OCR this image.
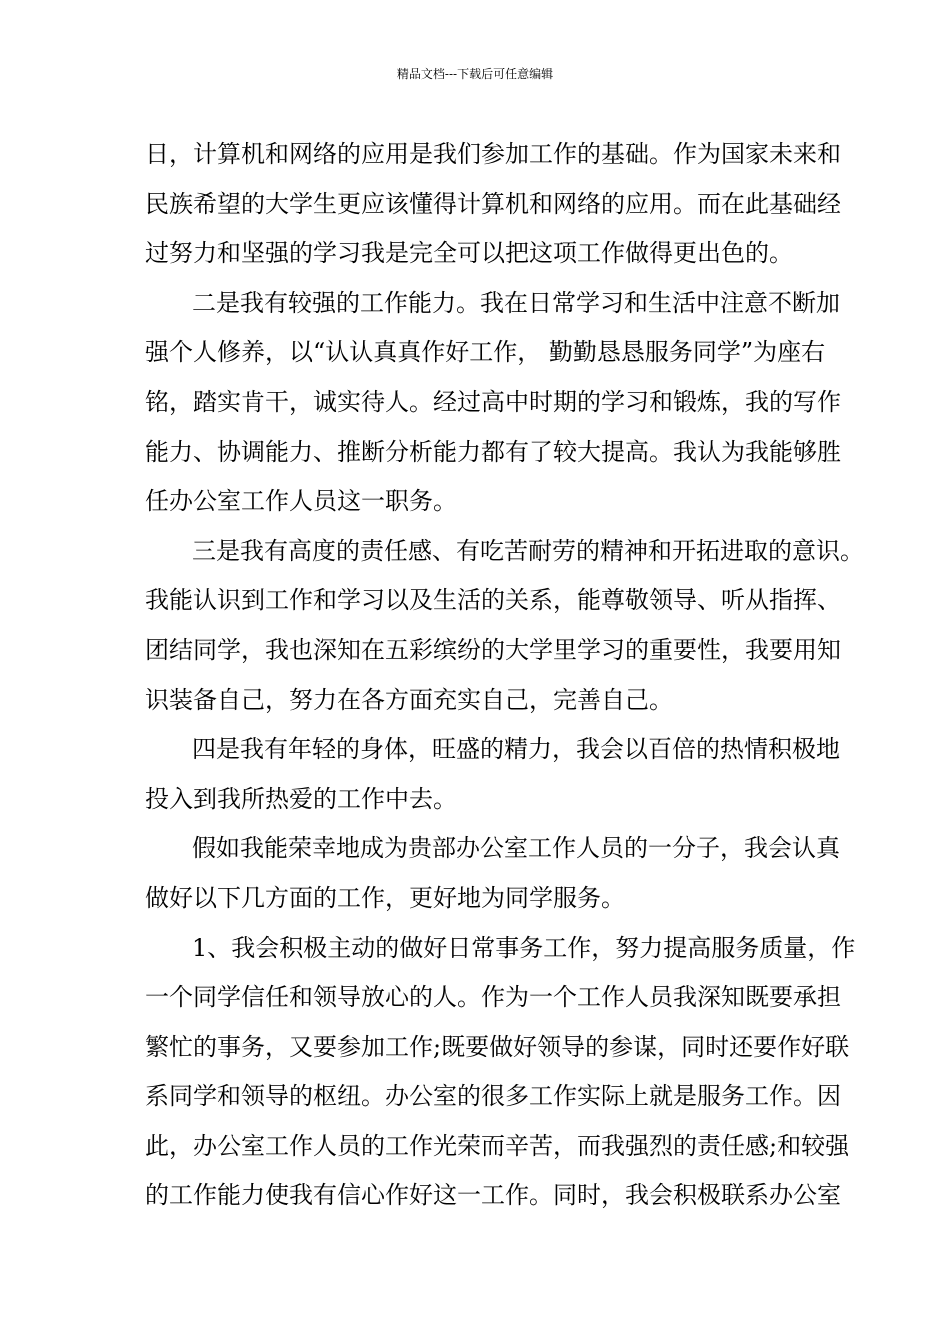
精品文档---下载后可任意编辑
日，计算机和网络的应用是我们参加工作的基础。作为国家未来和
民族希望的大学生更应该懂得计算机和网络的应用。而在此基础经
过努力和坚强的学习我是完全可以把这项工作做得更出色的。
二是我有较强的工作能力。我在日常学习和生活中注意不断加
强个人修养，以“认认真真作好工作， 勤勤恳恳服务同学”为座右
铭，踏实肯干，诚实待人。经过高中时期的学习和锻炼，我的写作
能力、协调能力、推断分析能力都有了较大提高。我认为我能够胜
任办公室工作人员这一职务。
三是我有高度的责任感、有吃苦耐劳的精神和开拓进取的意识。
我能认识到工作和学习以及生活的关系，能尊敬领导、听从指挥、
团结同学，我也深知在五彩缤纷的大学里学习的重要性，我要用知
识装备自己，努力在各方面充实自己，完善自己。
四是我有年轻的身体，旺盛的精力，我会以百倍的热情积极地
投入到我所热爱的工作中去。
假如我能荣幸地成为贵部办公室工作人员的一分子，我会认真
做好以下几方面的工作，更好地为同学服务。
1、我会积极主动的做好日常事务工作，努力提高服务质量，作
一个同学信任和领导放心的人。作为一个工作人员我深知既要承担
繁忙的事务，又要参加工作;既要做好领导的参谋，同时还要作好联
系同学和领导的枢纽。办公室的很多工作实际上就是服务工作。因
此，办公室工作人员的工作光荣而辛苦，而我强烈的责任感;和较强
的工作能力使我有信心作好这一工作。同时，我会积极联系办公室
